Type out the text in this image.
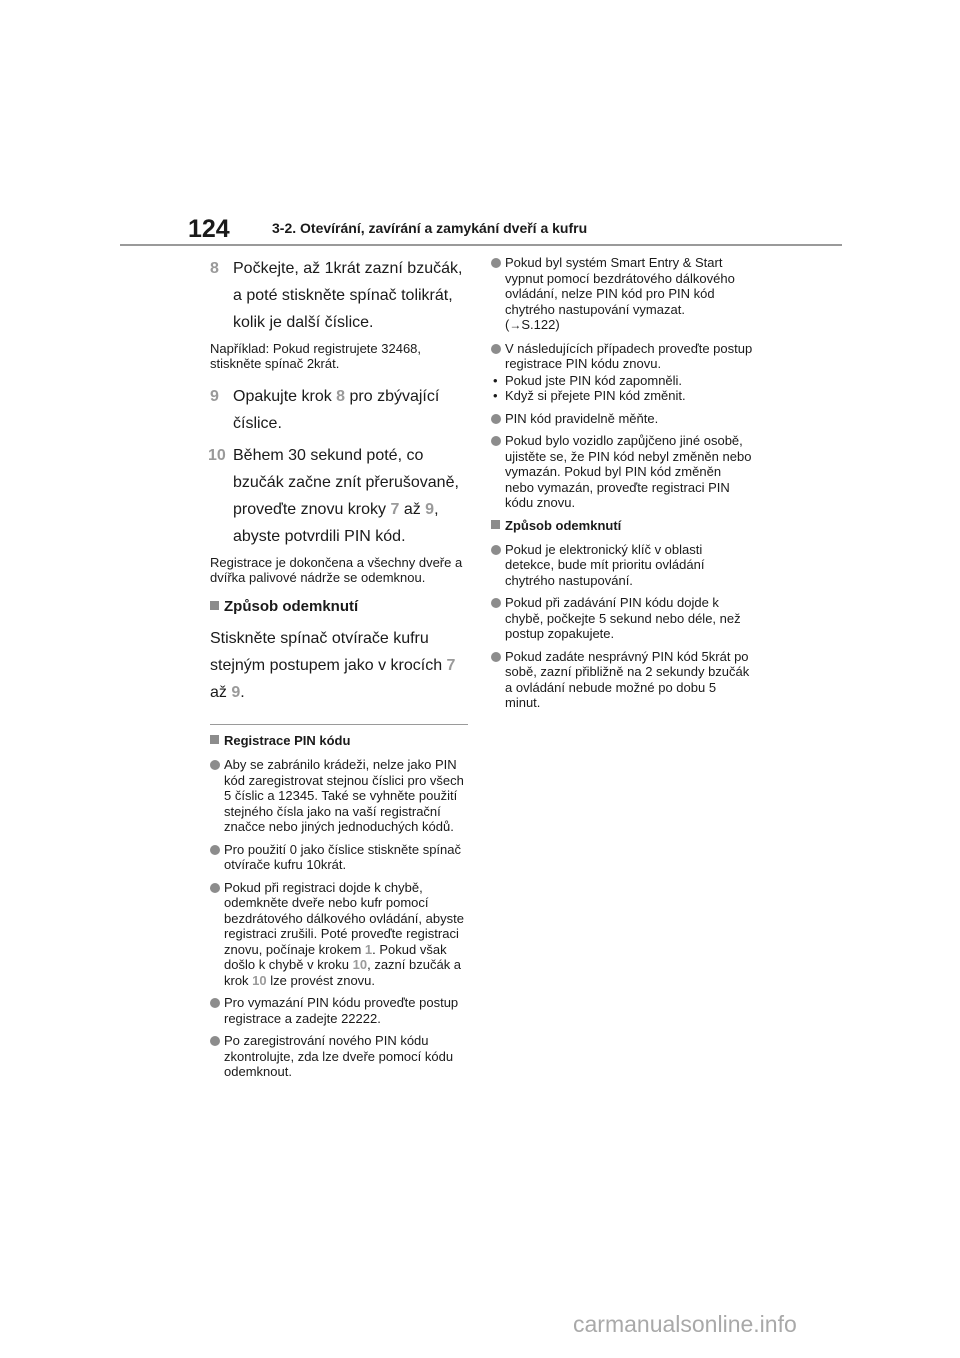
124	3-2. Otevírání, zavírání a zamykání dveří a kufru
8 Počkejte, až 1krát zazní bzučák, a poté stiskněte spínač tolikrát, kolik je další číslice.
Například: Pokud registrujete 32468, stiskněte spínač 2krát.
9 Opakujte krok 8 pro zbývající číslice.
10 Během 30 sekund poté, co bzučák začne znít přerušovaně, proveďte znovu kroky 7 až 9, abyste potvrdili PIN kód.
Registrace je dokončena a všechny dveře a dvířka palivové nádrže se odemknou.
Způsob odemknutí
Stiskněte spínač otvírače kufru stejným postupem jako v krocích 7 až 9.
Registrace PIN kódu
Aby se zabránilo krádeži, nelze jako PIN kód zaregistrovat stejnou číslici pro všech 5 číslic a 12345. Také se vyhněte použití stejného čísla jako na vaší registrační značce nebo jiných jednoduchých kódů.
Pro použití 0 jako číslice stiskněte spínač otvírače kufru 10krát.
Pokud při registraci dojde k chybě, odemkněte dveře nebo kufr pomocí bezdrátového dálkového ovládání, abyste registraci zrušili. Poté proveďte registraci znovu, počínaje krokem 1. Pokud však došlo k chybě v kroku 10, zazní bzučák a krok 10 lze provést znovu.
Pro vymazání PIN kódu proveďte postup registrace a zadejte 22222.
Po zaregistrování nového PIN kódu zkontrolujte, zda lze dveře pomocí kódu odemknout.
Pokud byl systém Smart Entry & Start vypnut pomocí bezdrátového dálkového ovládání, nelze PIN kód pro PIN kód chytrého nastupování vymazat.
(→S.122)
V následujících případech proveďte postup registrace PIN kódu znovu.
• Pokud jste PIN kód zapomněli.
• Když si přejete PIN kód změnit.
PIN kód pravidelně měňte.
Pokud bylo vozidlo zapůjčeno jiné osobě, ujistěte se, že PIN kód nebyl změněn nebo vymazán. Pokud byl PIN kód změněn nebo vymazán, proveďte registraci PIN kódu znovu.
Způsob odemknutí
Pokud je elektronický klíč v oblasti detekce, bude mít prioritu ovládání chytrého nastupování.
Pokud při zadávání PIN kódu dojde k chybě, počkejte 5 sekund nebo déle, než postup zopakujete.
Pokud zadáte nesprávný PIN kód 5krát po sobě, zazní přibližně na 2 sekundy bzučák a ovládání nebude možné po dobu 5 minut.
carmanualsonline.info
